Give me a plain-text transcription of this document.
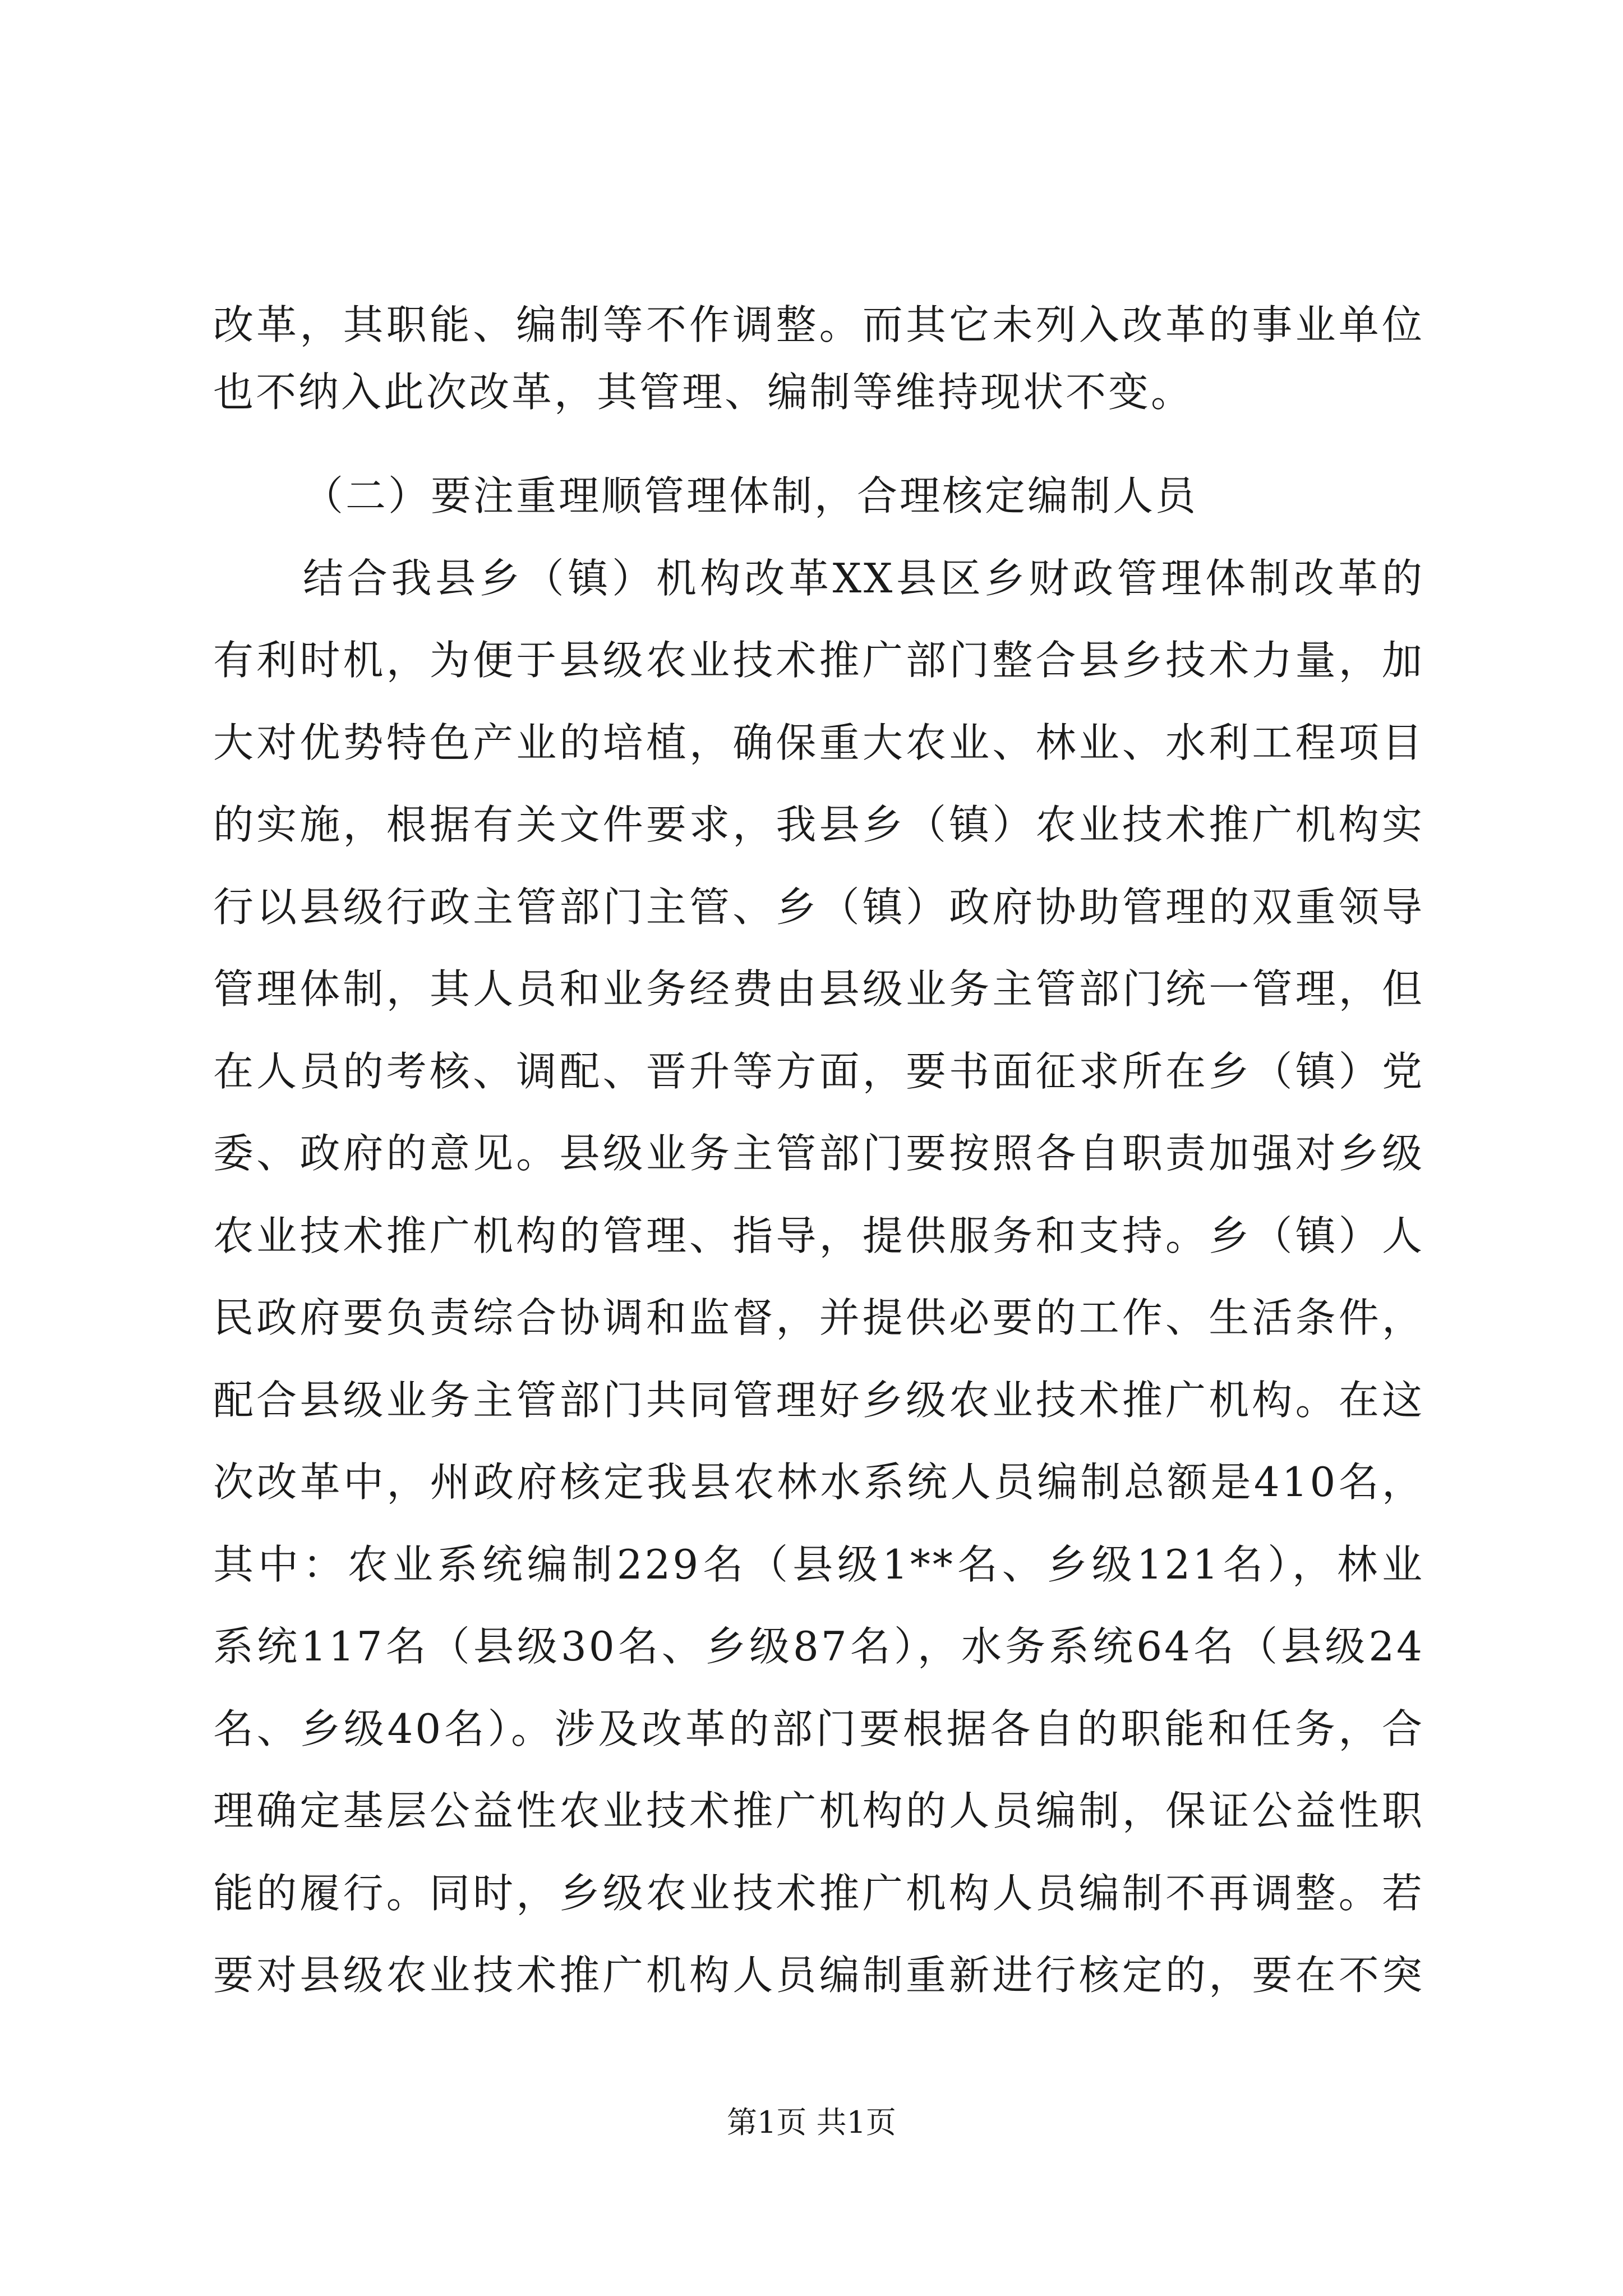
改革，其职能、编制等不作调整。而其它未列入改革的事业单位
也不纳入此次改革，其管理、编制等维持现状不变。
（二）要注重理顺管理体制，合理核定编制人员
结合我县乡（镇）机构改革XX县区乡财政管理体制改革的
有利时机，为便于县级农业技术推广部门整合县乡技术力量，加
大对优势特色产业的培植，确保重大农业、林业、水利工程项目
的实施，根据有关文件要求，我县乡（镇）农业技术推广机构实
行以县级行政主管部门主管、乡（镇）政府协助管理的双重领导
管理体制，其人员和业务经费由县级业务主管部门统一管理，但
在人员的考核、调配、晋升等方面，要书面征求所在乡（镇）党
委、政府的意见。县级业务主管部门要按照各自职责加强对乡级
农业技术推广机构的管理、指导，提供服务和支持。乡（镇）人
民政府要负责综合协调和监督，并提供必要的工作、生活条件，
配合县级业务主管部门共同管理好乡级农业技术推广机构。在这
次改革中，州政府核定我县农林水系统人员编制总额是410名，
其中：农业系统编制229名（县级1**名、乡级121名），林业
系统117名（县级30名、乡级87名），水务系统64名（县级24
名、乡级40名）。涉及改革的部门要根据各自的职能和任务，合
理确定基层公益性农业技术推广机构的人员编制，保证公益性职
能的履行。同时，乡级农业技术推广机构人员编制不再调整。若
要对县级农业技术推广机构人员编制重新进行核定的，要在不突
第1页 共1页
